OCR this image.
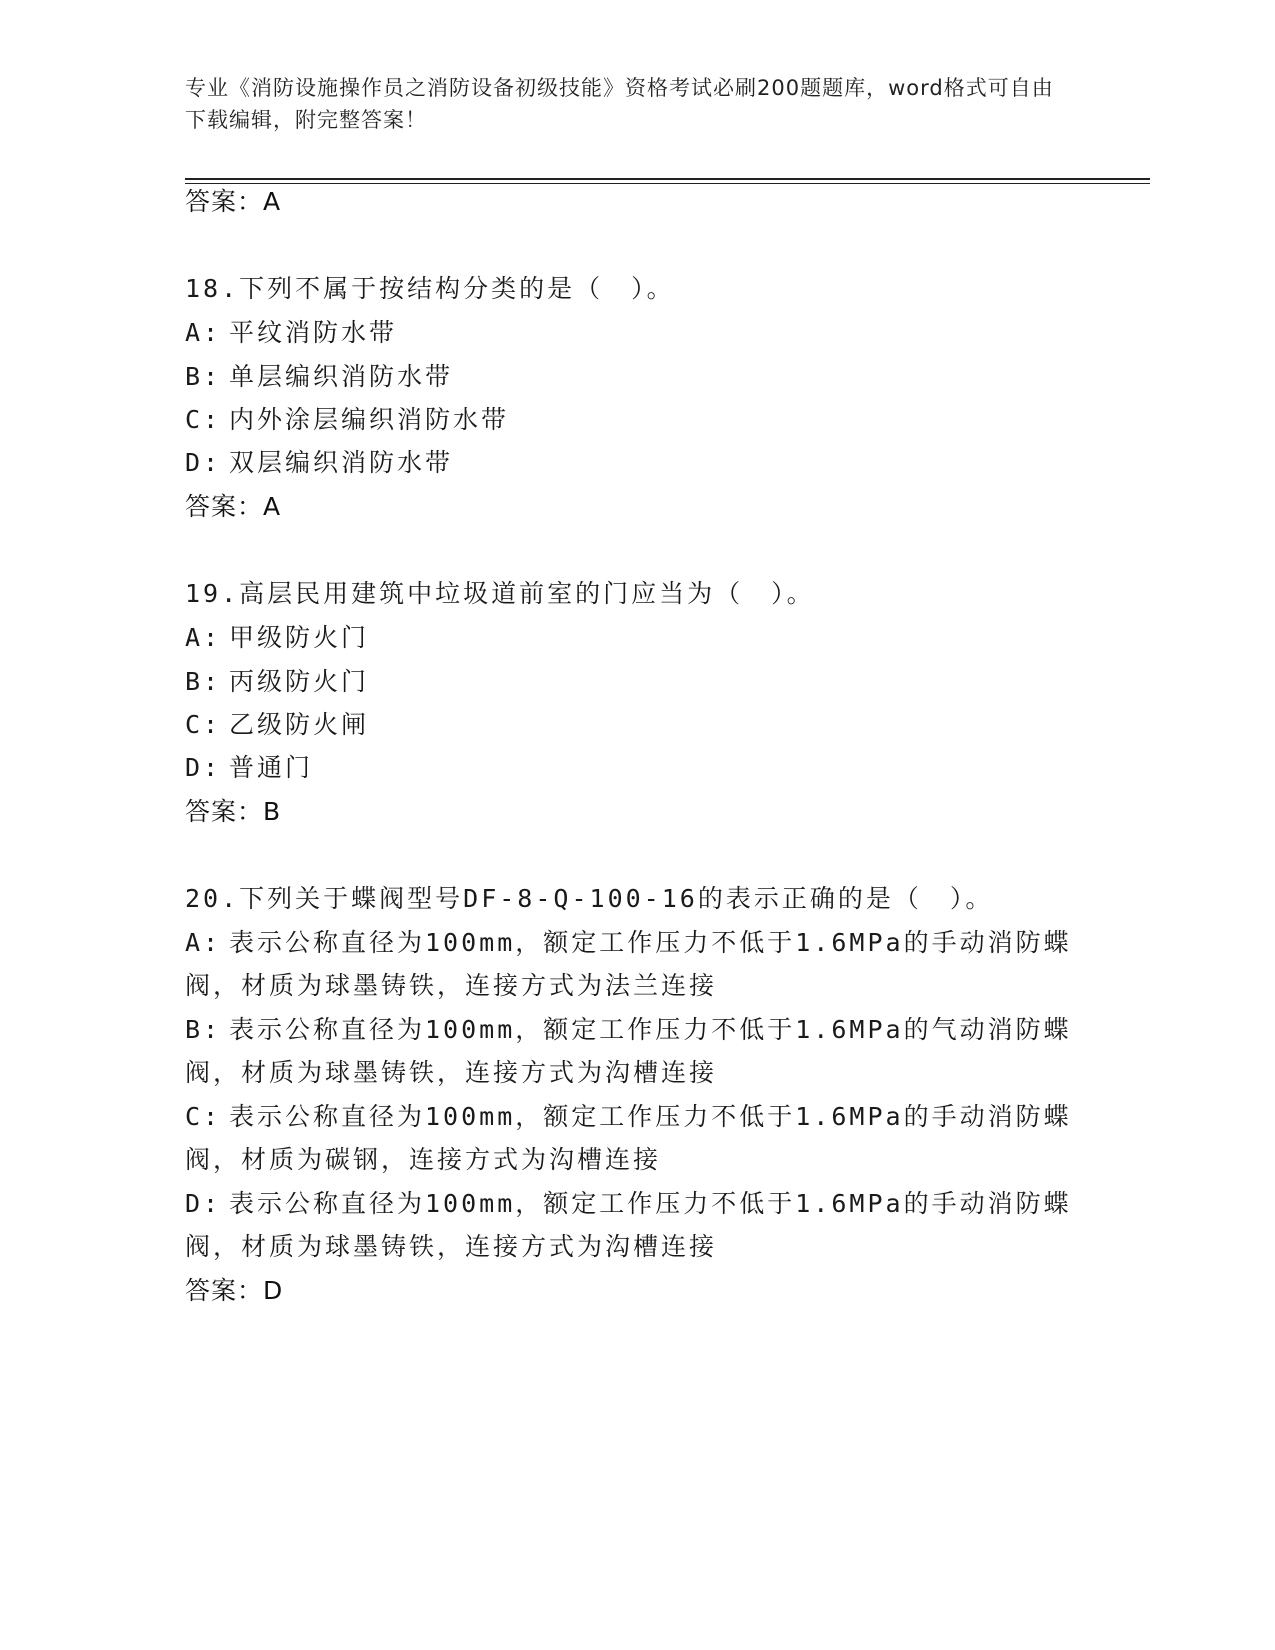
专业《消防设施操作员之消防设备初级技能》资格考试必刷200题题库，word格式可自由下载编辑，附完整答案！
答案：A
18.下列不属于按结构分类的是（　）。
A: 平纹消防水带
B: 单层编织消防水带
C: 内外涂层编织消防水带
D: 双层编织消防水带
答案：A
19.高层民用建筑中垃圾道前室的门应当为（　）。
A: 甲级防火门
B: 丙级防火门
C: 乙级防火闸
D: 普通门
答案：B
20.下列关于蝶阀型号DF-8-Q-100-16的表示正确的是（　）。
A: 表示公称直径为100mm，额定工作压力不低于1.6MPa的手动消防蝶
阀，材质为球墨铸铁，连接方式为法兰连接
B: 表示公称直径为100mm，额定工作压力不低于1.6MPa的气动消防蝶
阀，材质为球墨铸铁，连接方式为沟槽连接
C: 表示公称直径为100mm，额定工作压力不低于1.6MPa的手动消防蝶
阀，材质为碳钢，连接方式为沟槽连接
D: 表示公称直径为100mm，额定工作压力不低于1.6MPa的手动消防蝶
阀，材质为球墨铸铁，连接方式为沟槽连接
答案：D
